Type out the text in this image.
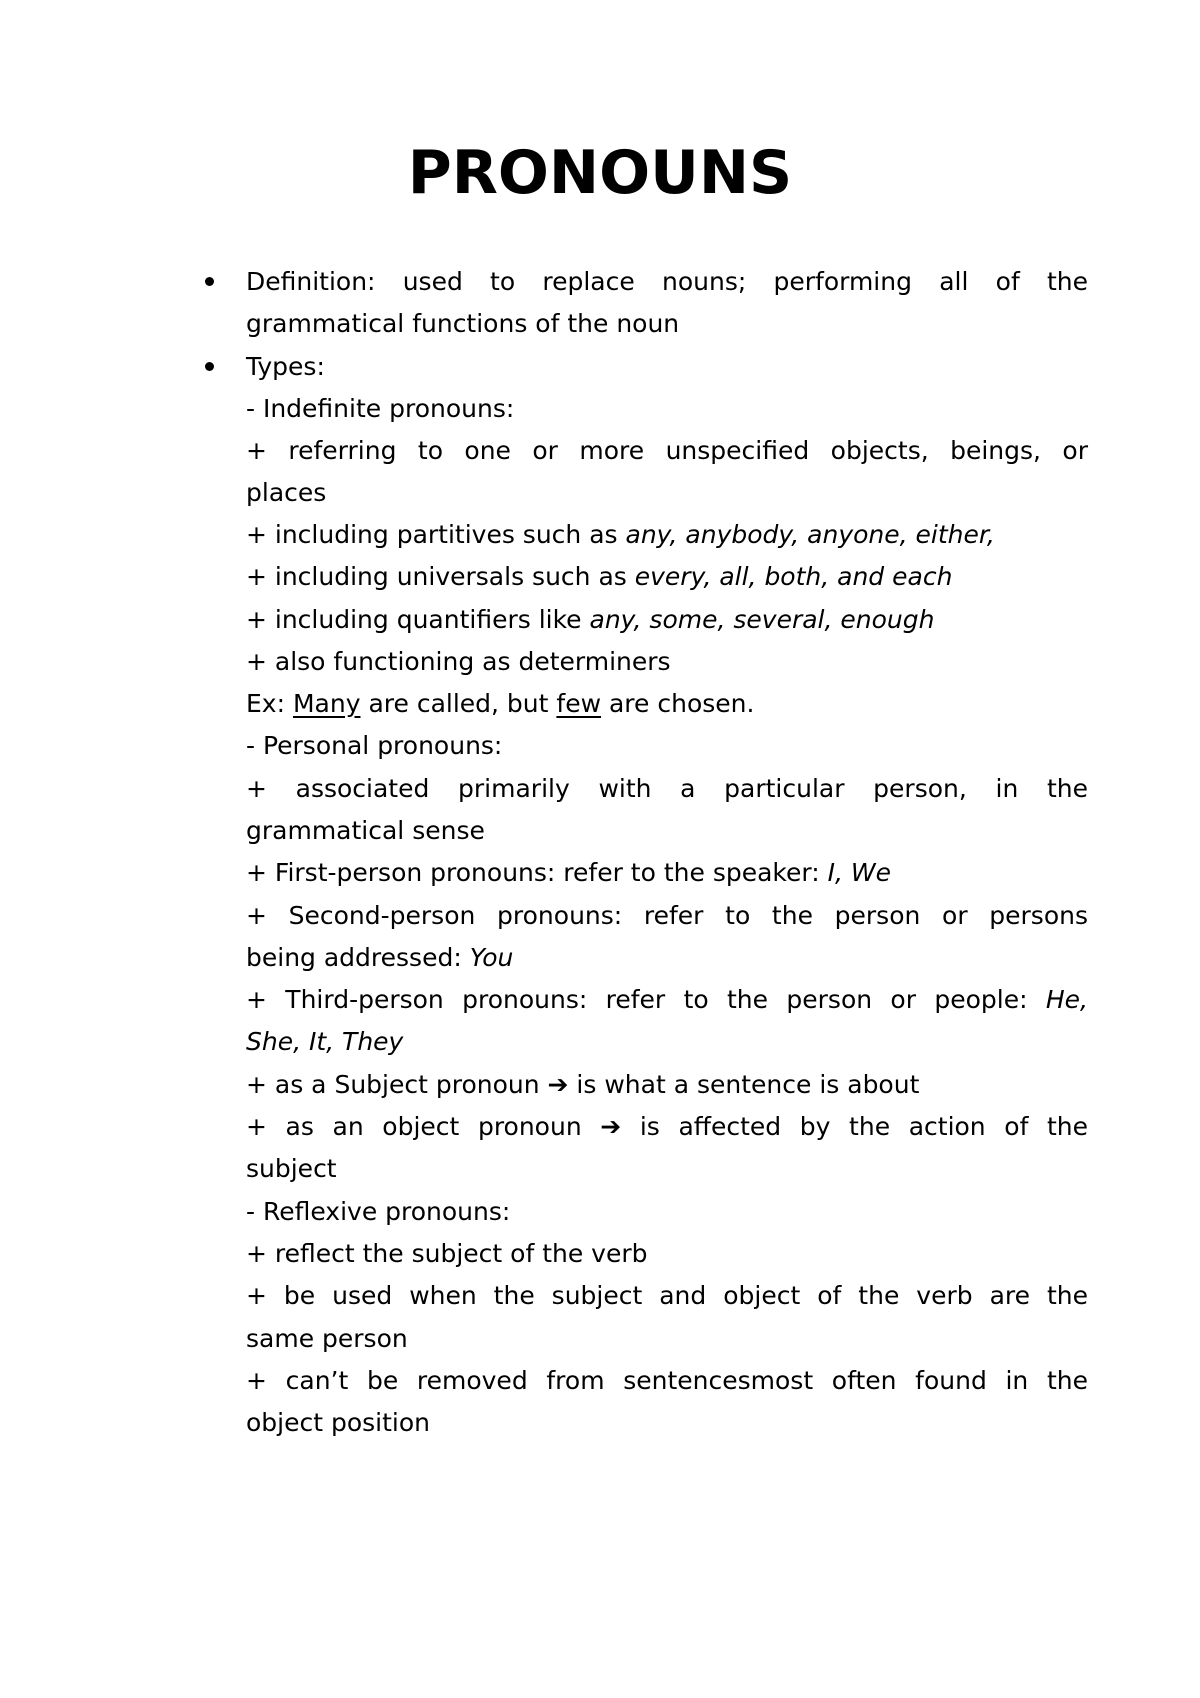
PRONOUNS
Definition: used to replace nouns; performing all of the
grammatical functions of the noun
Types:
- Indefinite pronouns:
+ referring to one or more unspecified objects, beings, or
places
+ including partitives such as any, anybody, anyone, either,
+ including universals such as every, all, both, and each
+ including quantifiers like any, some, several, enough
+ also functioning as determiners
Ex: Many are called, but few are chosen.
- Personal pronouns:
+ associated primarily with a particular person, in the
grammatical sense
+ First-person pronouns: refer to the speaker: I, We
+ Second-person pronouns: refer to the person or persons
being addressed: You
+ Third-person pronouns: refer to the person or people: He,
She, It, They
+ as a Subject pronoun ➔ is what a sentence is about
+ as an object pronoun ➔ is affected by the action of the
subject
- Reflexive pronouns:
+ reflect the subject of the verb
+ be used when the subject and object of the verb are the
same person
+ can’t be removed from sentencesmost often found in the
object position
